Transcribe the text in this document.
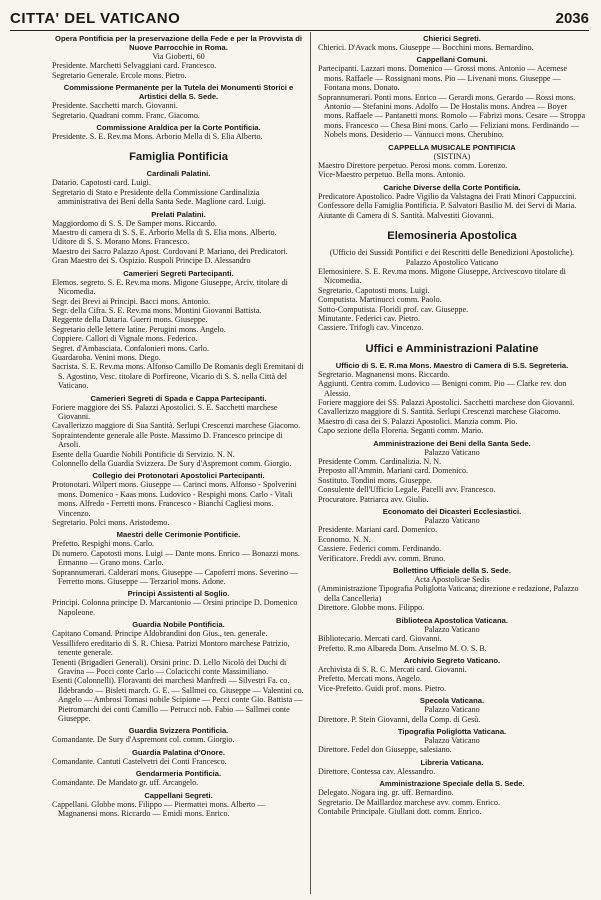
CITTA' DEL VATICANO	2036
Opera Pontificia per la preservazione della Fede e per la Provvista di Nuove Parrocchie in Roma.
Via Gioberti, 60
Presidente. Marchetti Selvaggiani card. Francesco.
Segretario Generale. Ercole mons. Pietro.
Commissione Permanente per la Tutela dei Monumenti Storici e Artistici della S. Sede.
Presidente. Sacchetti march. Giovanni.
Segretario. Quadrani comm. Franc. Giacomo.
Commissione Araldica per la Corte Pontificia.
Presidente. S. E. Rev.ma Mons. Arborio Mella di S. Elia Alberto.
Famiglia Pontificia
Cardinali Palatini.
Datario. Capotosti card. Luigi.
Segretario di Stato e Presidente della Commissione Cardinalizia amministrativa dei Beni della Santa Sede. Maglione card. Luigi.
Prelati Palatini.
Maggiordomo di S. S. De Samper mons. Riccardo.
Maestro di camera di S. S. E. Arborio Mella di S. Elia mons. Alberto.
Uditore di S. S. Morano Mons. Francesco.
Maestro dei Sacro Palazzo Apost. Cordovani P. Mariano, dei Predicatori.
Gran Maestro dei S. Ospizio. Ruspoli Principe D. Alessandro
Camerieri Segreti Partecipanti.
Elemos. segreto. S. E. Rev.ma mons. Migone Giuseppe, Arciv. titolare di Nicomedia.
Segr. dei Brevi ai Principi. Bacci mons. Antonio.
Segr. della Cifra. S. E. Rev.ma mons. Montini Giovanni Battista.
Reggente della Dataria. Guerri mons. Giuseppe.
Segretario delle lettere latine. Perugini mons. Angelo.
Coppiere. Callori di Vignale mons. Federico.
Segret. d'Ambasciata. Confalonieri mons. Carlo.
Guardaroba. Venini mons. Diego.
Sacrista. S. E. Rev.ma mons. Alfonso Camillo De Romanis degli Eremitani di S. Agostino, Vesc. titolare di Porfireone, Vicario di S. S. nella Città del Vaticano.
Camerieri Segreti di Spada e Cappa Partecipanti.
Foriere maggiore dei SS. Palazzi Apostolici. S. E. Sacchetti marchese Giovanni.
Cavallerizzo maggiore di Sua Santità. Serlupi Crescenzi marchese Giacomo.
Sopraintendente generale alle Poste. Massimo D. Francesco principe di Arsoli.
Esente della Guardie Nobili Pontificie di Servizio. N. N.
Colonnello della Guardia Svizzera. De Sury d'Aspremont comm. Giorgio.
Collegio dei Protonotari Apostolici Partecipanti.
Protonotari. Wilpert mons. Giuseppe — Carinci mons. Alfonso - Spolverini mons. Domenico - Kaas mons. Ludovico - Respighi mons. Carlo - Vitali mons. Alfredo - Ferretti mons. Francesco - Bianchi Cagliesi mons. Vincenzo.
Segretario. Polci mons. Aristodemo.
Maestri delle Cerimonie Pontificie.
Prefetto. Respighi mons. Carlo.
Di numero. Capotosti mons. Luigi — Dante mons. Enrico — Bonazzi mons. Ermanno — Grano mons. Carlo.
Soprannumerari. Calderari mons. Giuseppe — Capoferri mons. Severino — Ferretto mons. Giuseppe — Terzariol mons. Adone.
Principi Assistenti al Soglio.
Principi. Colonna principe D. Marcantonio — Orsini principe D. Domenico Napoleone.
Guardia Nobile Pontificia.
Capitano Comand. Principe Aldobrandini don Gius., ten. generale.
Vessillifero ereditario di S. R. Chiesa. Patrizi Montoro marchese Patrizio, tenente generale.
Tenenti (Brigadieri Generali). Orsini princ. D. Lello Nicolò dei Duchi di Gravina — Pocci conte Carlo — Colacicchi conte Massimiliano.
Esenti (Colonnelli). Floravanti dei marchesi Manfredi — Silvestri Fa. co. Ildebrando — Bisleti march. G. E. — Sallmei co. Giuseppe — Valentini co. Angelo — Ambrosi Tomasi nobile Scipione — Pecci conte Gio. Battista — Pietromarchi dei conti Camillo — Petrucci nob. Fabio — Sallmei conte Giuseppe.
Guardia Svizzera Pontificia.
Comandante. De Sury d'Aspremont col. comm. Giorgio.
Guardia Palatina d'Onore.
Comandante. Cantuti Castelvetri dei Conti Francesco.
Gendarmeria Pontificia.
Comandante. De Mandato gr. uff. Arcangelo.
Cappellani Segreti.
Cappellani. Globbe mons. Filippo — Piermattei mons. Alberto — Magnanensi mons. Riccardo — Emidi mons. Enrico.
Chierici Segreti.
Chierici. D'Avack mons. Giuseppe — Bocchini mons. Bernardino.
Cappellani Comuni.
Partecipanti. Lazzari mons. Domenico — Grossi mons. Antonio — Acernese mons. Raffaele — Rossignani mons. Pio — Livenani mons. Giuseppe — Fontana mons. Donato.
Soprannumerari. Ponti mons. Enrico — Gerardi mons. Gerardo — Rossi mons. Antonio — Stefanini mons. Adolfo — De Hostalis mons. Andrea — Boyer mons. Raffaele — Pantanetti mons. Romolo — Fabrizi mons. Cesare — Stroppa mons. Francesco — Chesa Bini mons. Carlo — Feliziani mons. Ferdinando — Nobels mons. Desiderio — Vannucci mons. Cherubino.
CAPPELLA MUSICALE PONTIFICIA
(SISTINA)
Maestro Direttore perpetuo. Perosi mons. comm. Lorenzo.
Vice-Maestro perpetuo. Bella mons. Antonio.
Cariche Diverse della Corte Pontificia.
Predicatore Apostolico. Padre Vigilio da Valstagna dei Frati Minori Cappuccini.
Confessore della Famiglia Pontificia. P. Salvatori Basilio M. dei Servi di Maria.
Aiutante di Camera di S. Santità. Malvestiti Giovanni.
Elemosineria Apostolica
(Ufficio dei Sussidi Pontifici e dei Rescritti delle Benedizioni Apostoliche).
Palazzo Apostolico Vaticano
Elemosiniere. S. E. Rev.ma mons. Migone Giuseppe, Arcivescovo titolare di Nicomedia.
Segretario. Capotosti mons. Luigi.
Computista. Martinucci comm. Paolo.
Sotto-Computista. Floridi prof. cav. Giuseppe.
Minutante. Federici cav. Pietro.
Cassiere. Trifogli cav. Vincenzo.
Uffici e Amministrazioni Palatine
Ufficio di S. E. R.ma Mons. Maestro di Camera di S.S. Segreteria.
Segretario. Magnanensi mons. Riccardo.
Aggiunti. Centra comm. Ludovico — Benigni comm. Pio — Clarke rev. don Alessio.
Foriere maggiore dei SS. Palazzi Apostolici. Sacchetti marchese don Giovanni.
Cavallerizzo maggiore di S. Santità. Serlupi Crescenzi marchese Giacomo.
Maestro di casa dei S. Palazzi Apostolici. Manzia comm. Pio.
Capo sezione della Floreria. Seganti comm. Mario.
Amministrazione dei Beni della Santa Sede.
Palazzo Vaticano
Presidente Comm. Cardinalizia. N. N.
Preposto all'Ammin. Mariani card. Domenico.
Sostituto. Tondini mons. Giuseppe.
Consulente dell'Ufficio Legale. Pacelli avv. Francesco.
Procuratore. Patriarca avv. Giulio.
Economato dei Dicasteri Ecclesiastici.
Palazzo Vaticano
Presidente. Mariani card. Domenico.
Economo. N. N.
Cassiere. Federici comm. Ferdinando.
Verificatore. Freddi avv. comm. Bruno.
Bollettino Ufficiale della S. Sede.
Acta Apostolicae Sedis
(Amministrazione Tipografia Poliglotta Vaticana; direzione e redazione, Palazzo della Cancelleria)
Direttore. Globbe mons. Filippo.
Biblioteca Apostolica Vaticana.
Palazzo Vaticano
Bibliotecario. Mercati card. Giovanni.
Prefetto. R.mo Albareda Dom. Anselmo M. O. S. B.
Archivio Segreto Vaticano.
Archivista di S. R. C. Mercati card. Giovanni.
Prefetto. Mercati mons. Angelo.
Vice-Prefetto. Guidi prof. mons. Pietro.
Specola Vaticana.
Palazzo Vaticano
Direttore. P. Stein Giovanni, della Comp. di Gesù.
Tipografia Poliglotta Vaticana.
Palazzo Vaticano
Direttore. Fedel don Giuseppe, salesiano.
Libreria Vaticana.
Direttore. Contessa cav. Alessandro.
Amministrazione Speciale della S. Sede.
Delegato. Nogara ing. gr. uff. Bernardino.
Segretario. De Maillardoz marchese avv. comm. Enrico.
Contabile Principale. Giullani dott. comm. Enrico.
